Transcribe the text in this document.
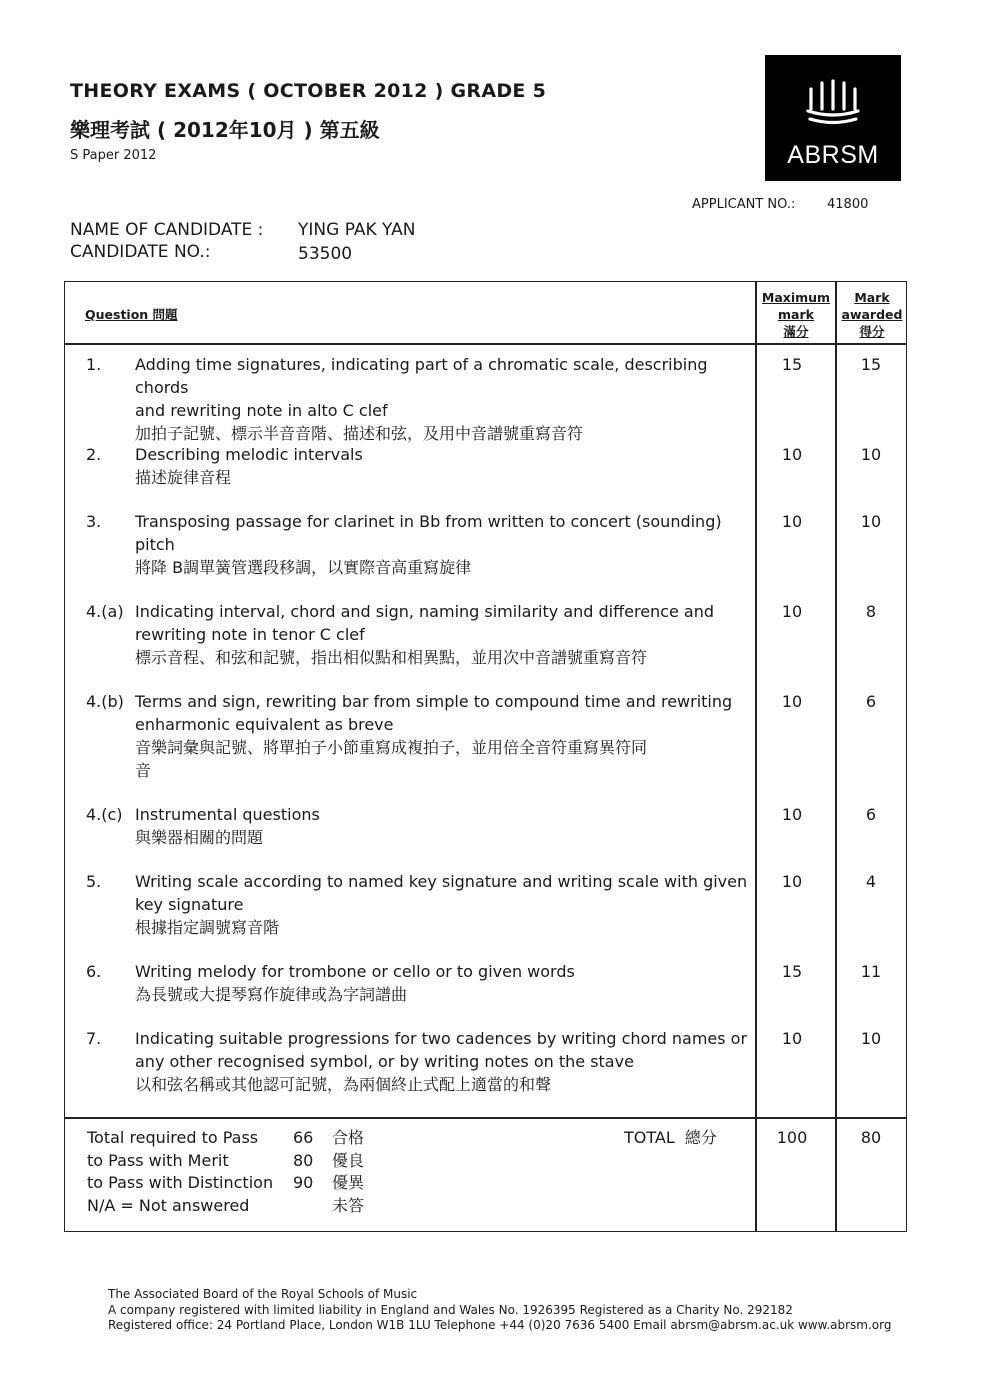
THEORY EXAMS ( OCTOBER 2012 ) GRADE 5
樂理考試 ( 2012年10月 ) 第五級
S Paper 2012	ABRSM
APPLICANT NO.: 41800
NAME OF CANDIDATE : YING PAK YAN
CANDIDATE NO.:	53500
Question 問題
Maximum
mark
滿分
Mark
awarded
得分
1. Adding time signatures, indicating part of a chromatic scale, describing chords
and rewriting note in alto C clef
加拍子記號、標示半音音階、描述和弦，及用中音譜號重寫音符
15	15
2. Describing melodic intervals
描述旋律音程
10	10
3. Transposing passage for clarinet in Bb from written to concert (sounding)
pitch
將降 B調單簧管選段移調，以實際音高重寫旋律
10	10
4.(a) Indicating interval, chord and sign, naming similarity and difference and
rewriting note in tenor C clef
標示音程、和弦和記號，指出相似點和相異點，並用次中音譜號重寫音符
10	8
4.(b) Terms and sign, rewriting bar from simple to compound time and rewriting
enharmonic equivalent as breve
音樂詞彙與記號、將單拍子小節重寫成複拍子，並用倍全音符重寫異符同
音
10	6
4.(c) Instrumental questions
與樂器相關的問題
10	6
5. Writing scale according to named key signature and writing scale with given
key signature
根據指定調號寫音階
10	4
6. Writing melody for trombone or cello or to given words
為長號或大提琴寫作旋律或為字詞譜曲
15	11
7. Indicating suitable progressions for two cadences by writing chord names or
any other recognised symbol, or by writing notes on the stave
以和弦名稱或其他認可記號，為兩個終止式配上適當的和聲
10	10
Total required to Pass 66 合格
to Pass with Merit	80 優良
to Pass with Distinction 90 優異
N/A = Not answered	未答
TOTAL  總分	100	80
The Associated Board of the Royal Schools of Music
A company registered with limited liability in England and Wales No. 1926395 Registered as a Charity No. 292182
Registered office: 24 Portland Place, London W1B 1LU Telephone +44 (0)20 7636 5400 Email abrsm@abrsm.ac.uk www.abrsm.org
